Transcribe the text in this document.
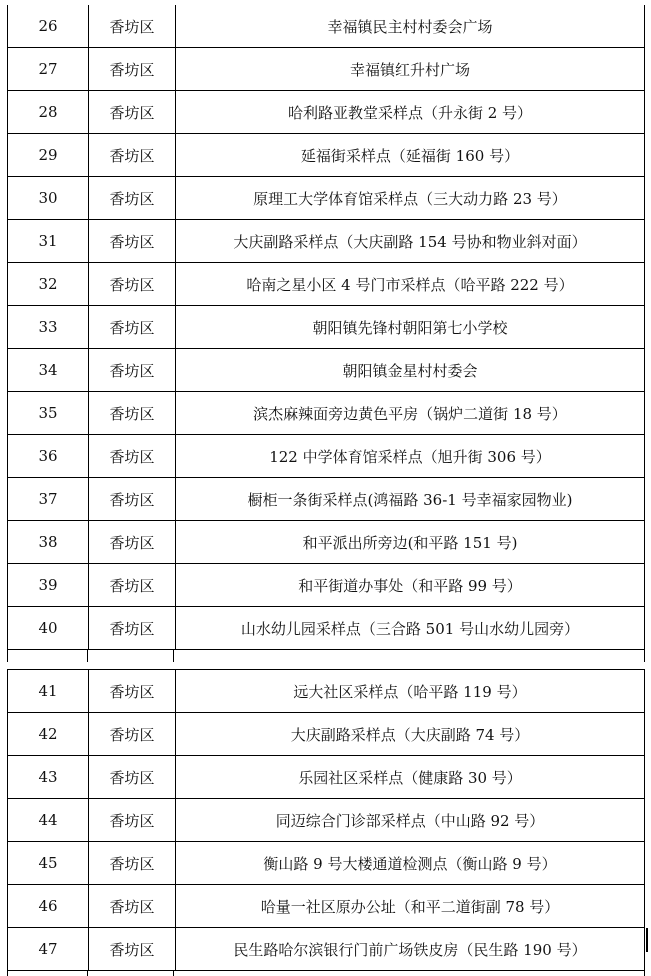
26	香坊区	幸福镇民主村村委会广场
27	香坊区	幸福镇红升村广场
28	香坊区	哈利路亚教堂采样点（升永街 2 号）
29	香坊区	延福街采样点（延福街 160 号）
30	香坊区	原理工大学体育馆采样点（三大动力路 23 号）
31	香坊区	大庆副路采样点（大庆副路 154 号协和物业斜对面）
32	香坊区	哈南之星小区 4 号门市采样点（哈平路 222 号）
33	香坊区	朝阳镇先锋村朝阳第七小学校
34	香坊区	朝阳镇金星村村委会
35	香坊区	滨杰麻辣面旁边黄色平房（锅炉二道街 18 号）
36	香坊区	122 中学体育馆采样点（旭升街 306 号）
37	香坊区	橱柜一条街采样点(鸿福路 36-1 号幸福家园物业)
38	香坊区	和平派出所旁边(和平路 151 号)
39	香坊区	和平街道办事处（和平路 99 号）
40	香坊区	山水幼儿园采样点（三合路 501 号山水幼儿园旁）
41	香坊区	远大社区采样点（哈平路 119 号）
42	香坊区	大庆副路采样点（大庆副路 74 号）
43	香坊区	乐园社区采样点（健康路 30 号）
44	香坊区	同迈综合门诊部采样点（中山路 92 号）
45	香坊区	衡山路 9 号大楼通道检测点（衡山路 9 号）
46	香坊区	哈量一社区原办公址（和平二道街副 78 号）
47	香坊区	民生路哈尔滨银行门前广场铁皮房（民生路 190 号）
